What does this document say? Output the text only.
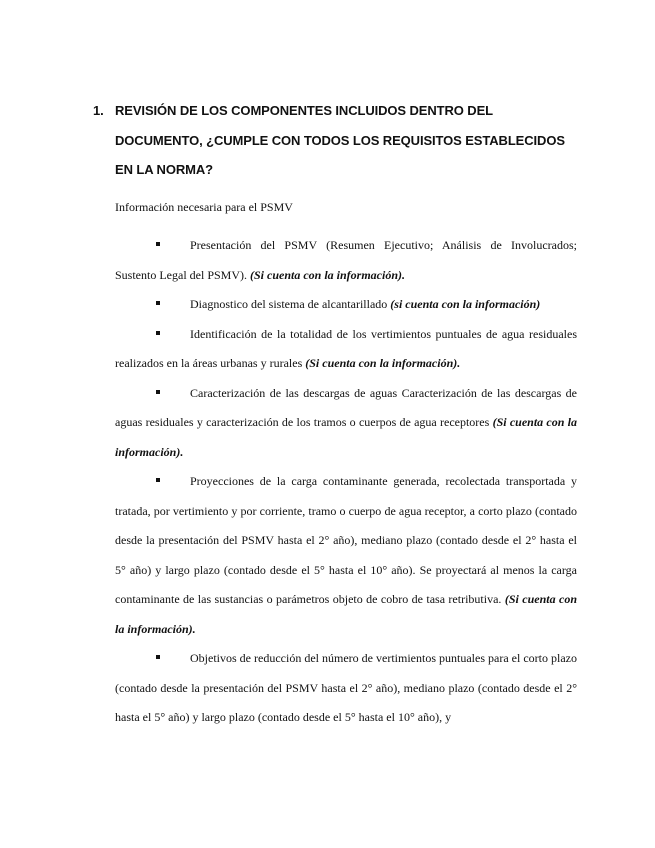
1. REVISIÓN DE LOS COMPONENTES INCLUIDOS DENTRO DEL
DOCUMENTO, ¿CUMPLE CON TODOS LOS REQUISITOS ESTABLECIDOS
EN LA NORMA?
Información necesaria para el PSMV

Presentación del PSMV (Resumen Ejecutivo; Análisis de Involucrados; Sustento Legal del PSMV). (Si cuenta con la información).

Diagnostico del sistema de alcantarillado (si cuenta con la información)

Identificación de la totalidad de los vertimientos puntuales de agua residuales realizados en la áreas urbanas y rurales (Si cuenta con la información).

Caracterización de las descargas de aguas Caracterización de las descargas de aguas residuales y caracterización de los tramos o cuerpos de agua receptores (Si cuenta con la información).

Proyecciones de la carga contaminante generada, recolectada transportada y tratada, por vertimiento y por corriente, tramo o cuerpo de agua receptor, a corto plazo (contado desde la presentación del PSMV hasta el 2° año), mediano plazo (contado desde el 2° hasta el 5° año) y largo plazo (contado desde el 5° hasta el 10° año). Se proyectará al menos la carga contaminante de las sustancias o parámetros objeto de cobro de tasa retributiva. (Si cuenta con la información).

Objetivos de reducción del número de vertimientos puntuales para el corto plazo (contado desde la presentación del PSMV hasta el 2° año), mediano plazo (contado desde el 2° hasta el 5° año) y largo plazo (contado desde el 5° hasta el 10° año), y
